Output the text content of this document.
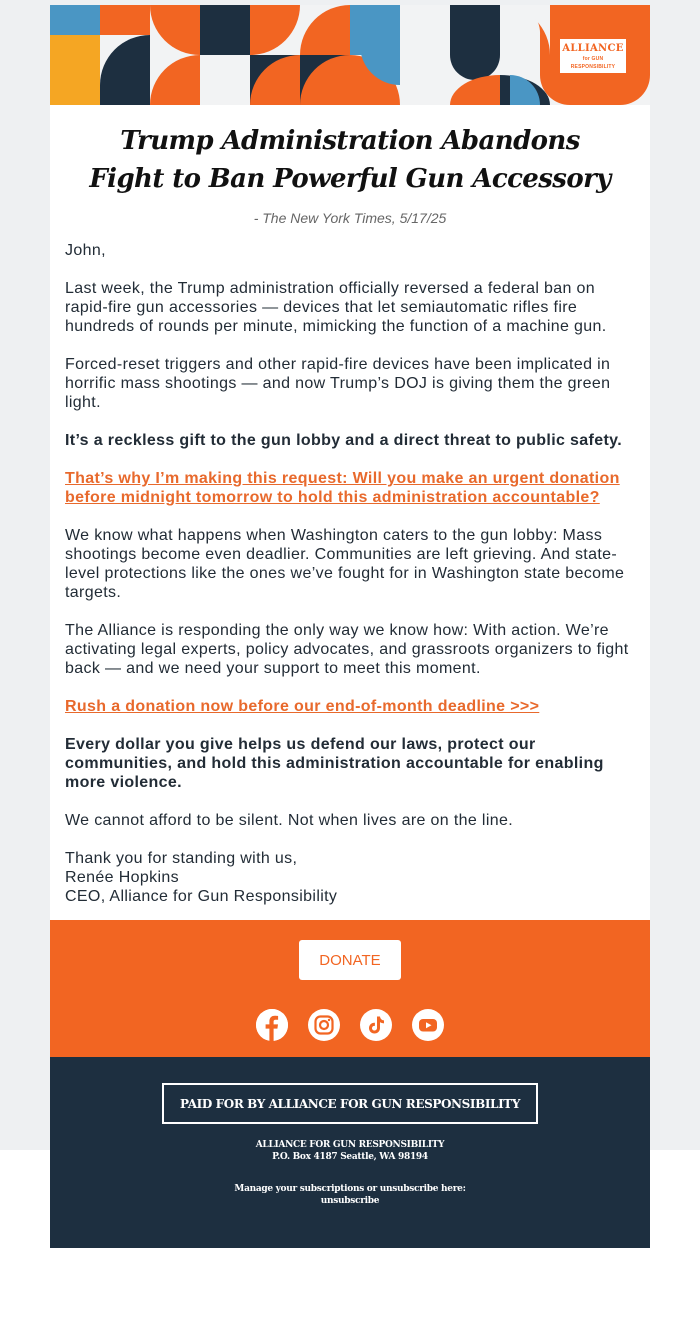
ALLIANCE
for GUN RESPONSIBILITY
Trump Administration Abandons
Fight to Ban Powerful Gun Accessory
- The New York Times, 5/17/25
John,
Last week, the Trump administration officially reversed a federal ban on rapid-fire gun accessories — devices that let semiautomatic rifles fire hundreds of rounds per minute, mimicking the function of a machine gun.
Forced-reset triggers and other rapid-fire devices have been implicated in horrific mass shootings — and now Trump’s DOJ is giving them the green light.
It’s a reckless gift to the gun lobby and a direct threat to public safety.
That’s why I’m making this request: Will you make an urgent donation before midnight tomorrow to hold this administration accountable?
We know what happens when Washington caters to the gun lobby: Mass shootings become even deadlier. Communities are left grieving. And state-level protections like the ones we’ve fought for in Washington state become targets.
The Alliance is responding the only way we know how: With action. We’re activating legal experts, policy advocates, and grassroots organizers to fight back — and we need your support to meet this moment.
Rush a donation now before our end-of-month deadline >>>
Every dollar you give helps us defend our laws, protect our communities, and hold this administration accountable for enabling more violence.
We cannot afford to be silent. Not when lives are on the line.
Thank you for standing with us,
Renée Hopkins
CEO, Alliance for Gun Responsibility
DONATE
PAID FOR BY ALLIANCE FOR GUN RESPONSIBILITY
ALLIANCE FOR GUN RESPONSIBILITY
P.O. Box 4187 Seattle, WA 98194
Manage your subscriptions or unsubscribe here:
unsubscribe
